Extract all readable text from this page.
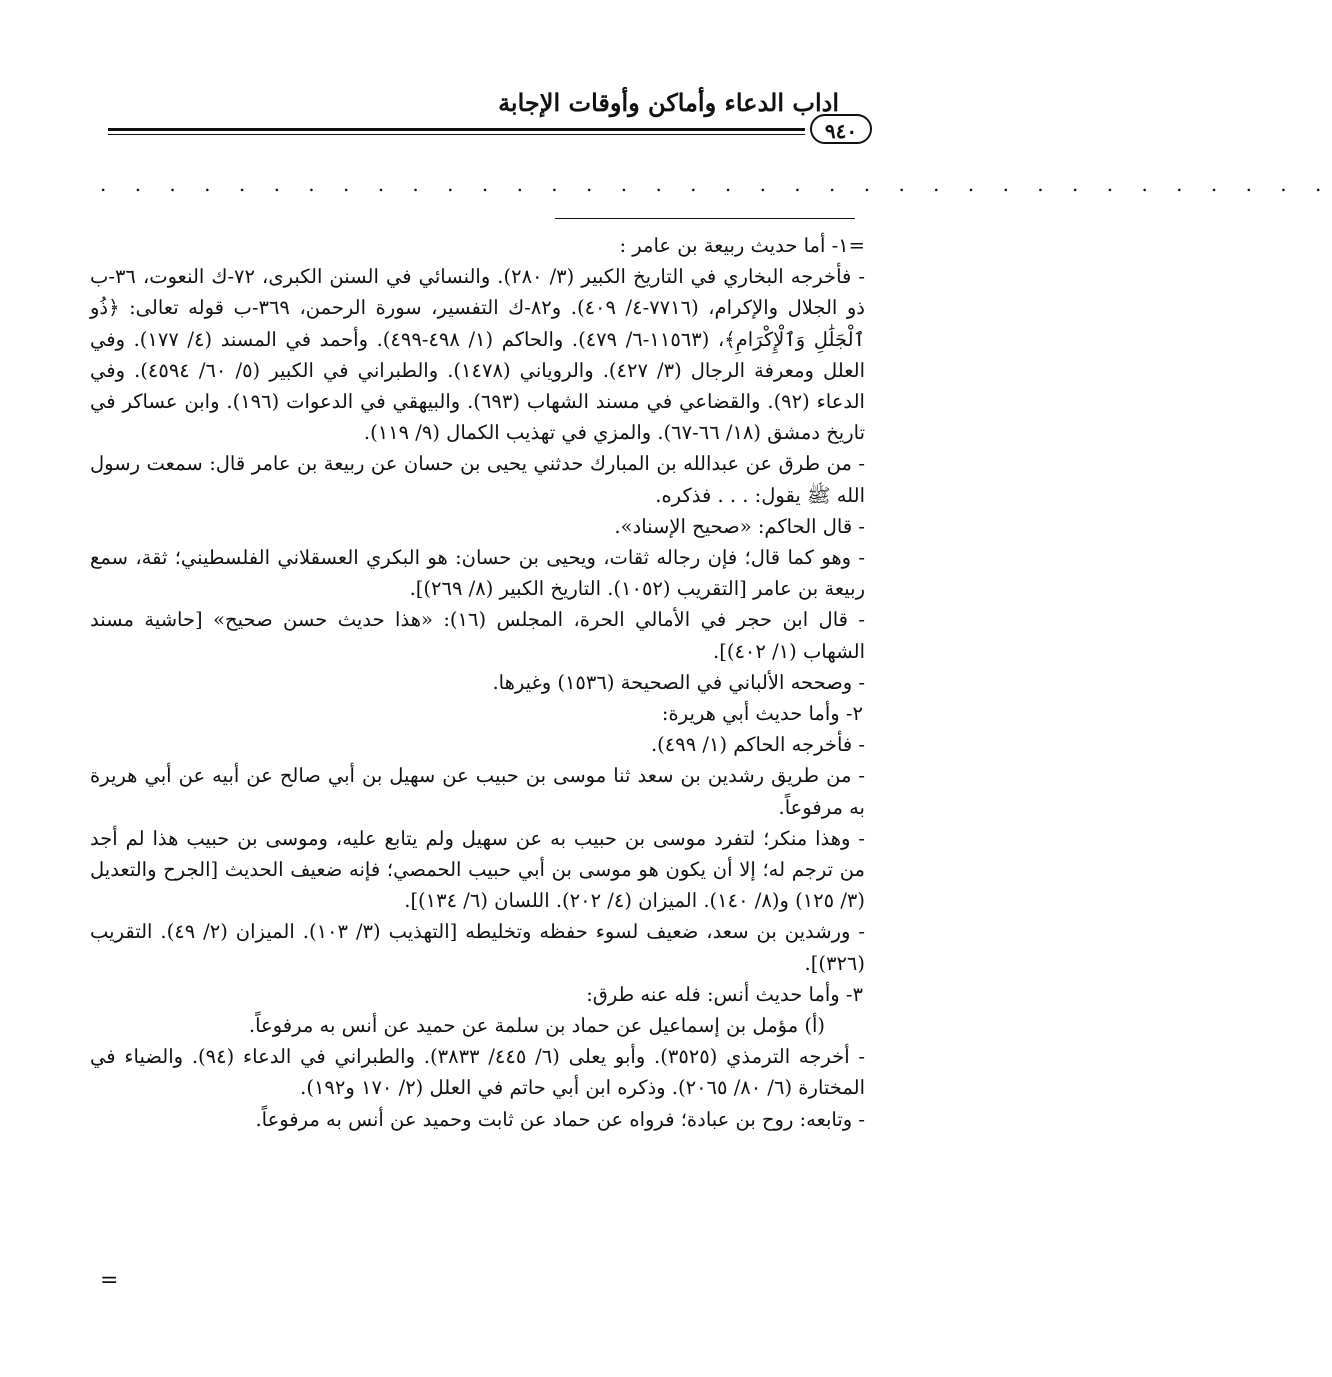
اداب الدعاء وأماكن وأوقات الإجابة
٩٤٠
. . . . . . . . . . . . . . . . . . . . . . . . . . . . . . . . . . . .

=١- أما حديث ربيعة بن عامر :

- فأخرجه البخاري في التاريخ الكبير (٣/ ٢٨٠). والنسائي في السنن الكبرى، ٧٢-ك النعوت، ٣٦-ب ذو الجلال والإكرام، (٧٧١٦-٤/ ٤٠٩). و٨٢-ك التفسير، سورة الرحمن، ٣٦٩-ب قوله تعالى: ﴿ذُو ٱلْجَلَٰلِ وَٱلْإِكْرَامِ﴾، (١١٥٦٣-٦/ ٤٧٩). والحاكم (١/ ٤٩٨-٤٩٩). وأحمد في المسند (٤/ ١٧٧). وفي العلل ومعرفة الرجال (٣/ ٤٢٧). والروياني (١٤٧٨). والطبراني في الكبير (٥/ ٦٠/ ٤٥٩٤). وفي الدعاء (٩٢). والقضاعي في مسند الشهاب (٦٩٣). والبيهقي في الدعوات (١٩٦). وابن عساكر في تاريخ دمشق (١٨/ ٦٦-٦٧). والمزي في تهذيب الكمال (٩/ ١١٩).

- من طرق عن عبدالله بن المبارك حدثني يحيى بن حسان عن ربيعة بن عامر قال: سمعت رسول الله ﷺ يقول: . . . فذكره.

- قال الحاكم: «صحيح الإسناد».

- وهو كما قال؛ فإن رجاله ثقات، ويحيى بن حسان: هو البكري العسقلاني الفلسطيني؛ ثقة، سمع ربيعة بن عامر [التقريب (١٠٥٢). التاريخ الكبير (٨/ ٢٦٩)].

- قال ابن حجر في الأمالي الحرة، المجلس (١٦): «هذا حديث حسن صحيح» [حاشية مسند الشهاب (١/ ٤٠٢)].

- وصححه الألباني في الصحيحة (١٥٣٦) وغيرها.

٢- وأما حديث أبي هريرة:

- فأخرجه الحاكم (١/ ٤٩٩).

- من طريق رشدين بن سعد ثنا موسى بن حبيب عن سهيل بن أبي صالح عن أبيه عن أبي هريرة به مرفوعاً.

- وهذا منكر؛ لتفرد موسى بن حبيب به عن سهيل ولم يتابع عليه، وموسى بن حبيب هذا لم أجد من ترجم له؛ إلا أن يكون هو موسى بن أبي حبيب الحمصي؛ فإنه ضعيف الحديث [الجرح والتعديل (٣/ ١٢٥) و(٨/ ١٤٠). الميزان (٤/ ٢٠٢). اللسان (٦/ ١٣٤)].

- ورشدين بن سعد، ضعيف لسوء حفظه وتخليطه [التهذيب (٣/ ١٠٣). الميزان (٢/ ٤٩). التقريب (٣٢٦)].

٣- وأما حديث أنس: فله عنه طرق:

(أ) مؤمل بن إسماعيل عن حماد بن سلمة عن حميد عن أنس به مرفوعاً.

- أخرجه الترمذي (٣٥٢٥). وأبو يعلى (٦/ ٤٤٥/ ٣٨٣٣). والطبراني في الدعاء (٩٤). والضياء في المختارة (٦/ ٨٠/ ٢٠٦٥). وذكره ابن أبي حاتم في العلل (٢/ ١٧٠ و١٩٢).

- وتابعه: روح بن عبادة؛ فرواه عن حماد عن ثابت وحميد عن أنس به مرفوعاً.

=
